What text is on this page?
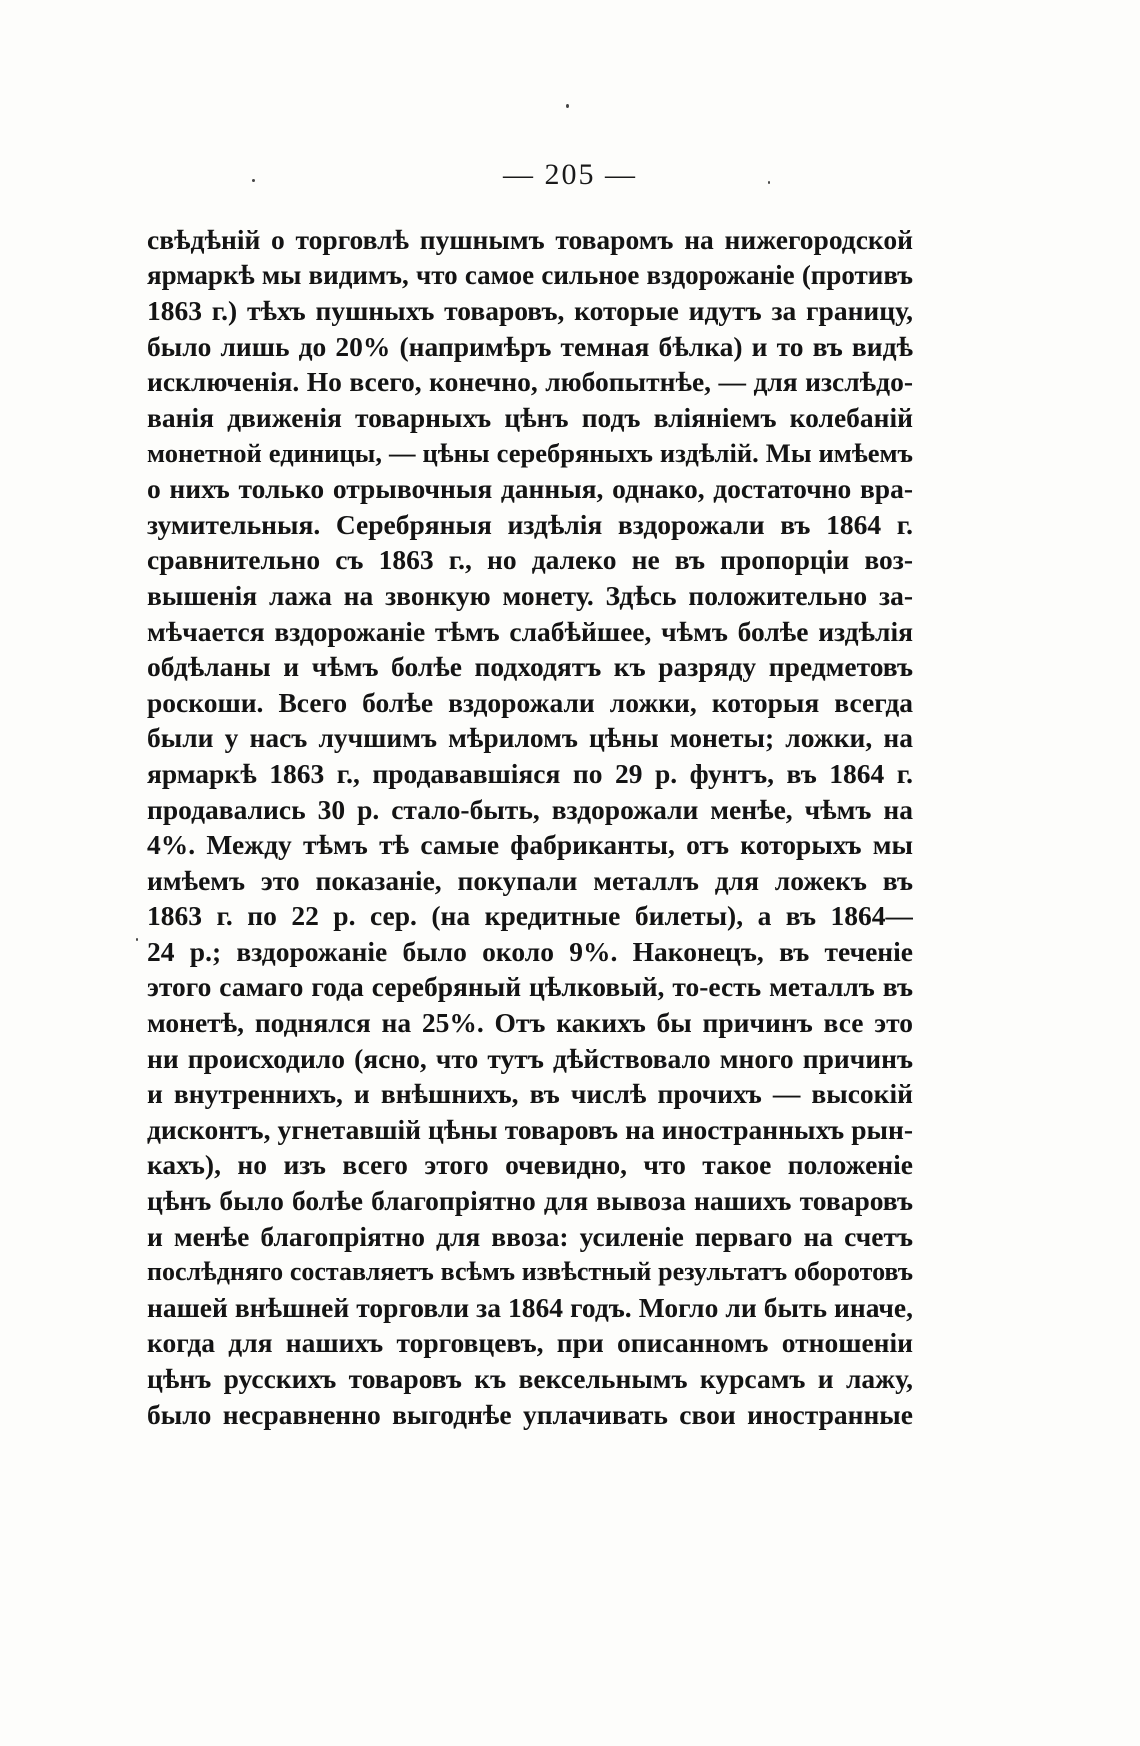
— 205 —
свѣдѣній о торговлѣ пушнымъ товаромъ на нижегородской
ярмаркѣ мы видимъ, что самое сильное вздорожаніе (противъ
1863 г.) тѣхъ пушныхъ товаровъ, которые идутъ за границу,
было лишь до 20% (напримѣръ темная бѣлка) и то въ видѣ
исключенія. Но всего, конечно, любопытнѣе, — для изслѣдо-
ванія движенія товарныхъ цѣнъ подъ вліяніемъ колебаній
монетной единицы, — цѣны серебряныхъ издѣлій. Мы имѣемъ
о нихъ только отрывочныя данныя, однако, достаточно вра-
зумительныя. Серебряныя издѣлія вздорожали въ 1864 г.
сравнительно съ 1863 г., но далеко не въ пропорціи воз-
вышенія лажа на звонкую монету. Здѣсь положительно за-
мѣчается вздорожаніе тѣмъ слабѣйшее, чѣмъ болѣе издѣлія
обдѣланы и чѣмъ болѣе подходятъ къ разряду предметовъ
роскоши. Всего болѣе вздорожали ложки, которыя всегда
были у насъ лучшимъ мѣриломъ цѣны монеты; ложки, на
ярмаркѣ 1863 г., продававшіяся по 29 р. фунтъ, въ 1864 г.
продавались 30 р. стало-быть, вздорожали менѣе, чѣмъ на
4%. Между тѣмъ тѣ самые фабриканты, отъ которыхъ мы
имѣемъ это показаніе, покупали металлъ для ложекъ въ
1863 г. по 22 р. сер. (на кредитные билеты), а въ 1864—
24 р.; вздорожаніе было около 9%. Наконецъ, въ теченіе
этого самаго года серебряный цѣлковый, то-есть металлъ въ
монетѣ, поднялся на 25%. Отъ какихъ бы причинъ все это
ни происходило (ясно, что тутъ дѣйствовало много причинъ
и внутреннихъ, и внѣшнихъ, въ числѣ прочихъ — высокій
дисконтъ, угнетавшій цѣны товаровъ на иностранныхъ рын-
кахъ), но изъ всего этого очевидно, что такое положеніе
цѣнъ было болѣе благопріятно для вывоза нашихъ товаровъ
и менѣе благопріятно для ввоза: усиленіе перваго на счетъ
послѣдняго составляетъ всѣмъ извѣстный результатъ оборотовъ
нашей внѣшней торговли за 1864 годъ. Могло ли быть иначе,
когда для нашихъ торговцевъ, при описанномъ отношеніи
цѣнъ русскихъ товаровъ къ вексельнымъ курсамъ и лажу,
было несравненно выгоднѣе уплачивать свои иностранные
